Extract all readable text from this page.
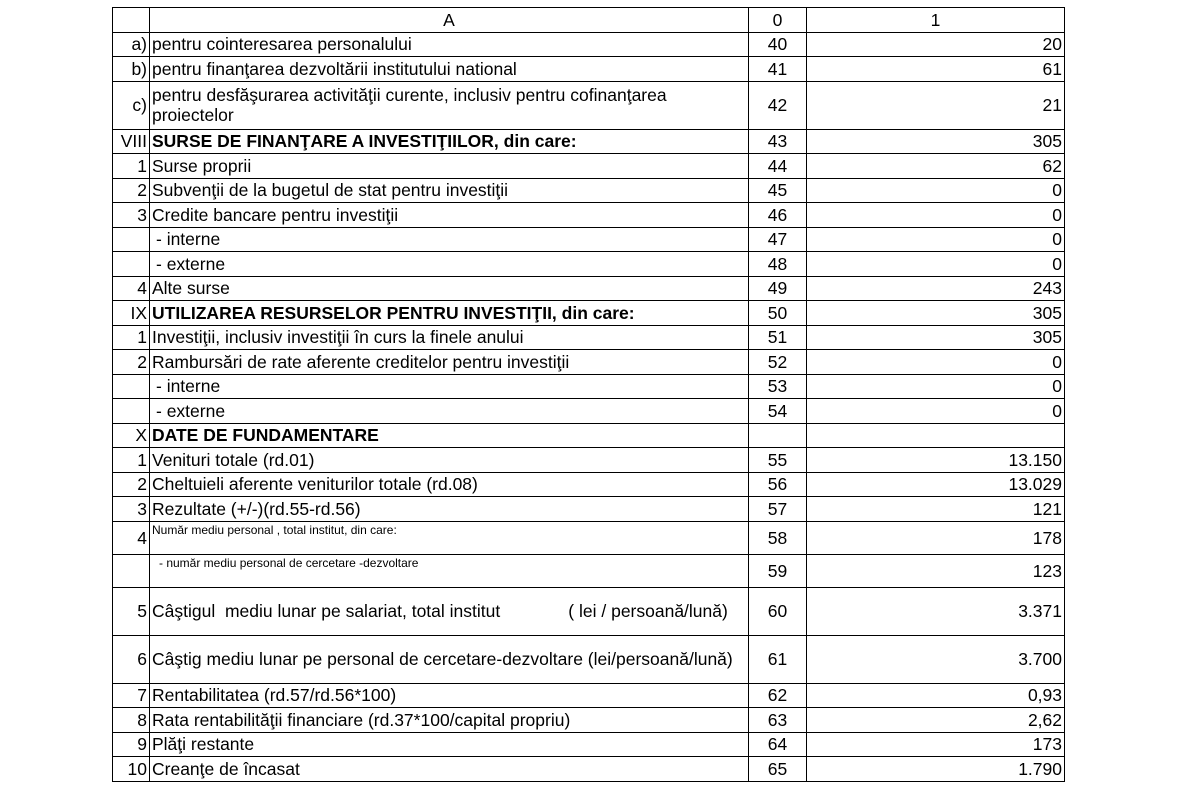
	A	0	1
a)	pentru cointeresarea personalului	40	20
b)	pentru finanţarea dezvoltării institutului national	41	61
c)	pentru desfăşurarea activităţii curente, inclusiv pentru cofinanţarea proiectelor	42	21
VIII	SURSE DE FINANŢARE A INVESTIŢIILOR, din care:	43	305
1	Surse proprii	44	62
2	Subvenţii de la bugetul de stat pentru investiţii	45	0
3	Credite bancare pentru investiţii	46	0
	- interne	47	0
	- externe	48	0
4	Alte surse	49	243
IX	UTILIZAREA RESURSELOR PENTRU INVESTIŢII, din care:	50	305
1	Investiţii, inclusiv investiţii în curs la finele anului	51	305
2	Rambursări de rate aferente creditelor pentru investiţii	52	0
	- interne	53	0
	- externe	54	0
X	DATE DE FUNDAMENTARE		
1	Venituri totale (rd.01)	55	13.150
2	Cheltuieli aferente veniturilor totale (rd.08)	56	13.029
3	Rezultate (+/-)(rd.55-rd.56)	57	121
4	Număr mediu personal , total institut, din care:	58	178
	- număr mediu personal de cercetare -dezvoltare	59	123
5	Câştigul  mediu lunar pe salariat, total institut              ( lei / persoană/lună)	60	3.371
6	Câştig mediu lunar pe personal de cercetare-dezvoltare (lei/persoană/lună)	61	3.700
7	Rentabilitatea (rd.57/rd.56*100)	62	0,93
8	Rata rentabilităţii financiare (rd.37*100/capital propriu)	63	2,62
9	Plăţi restante	64	173
10	Creanţe de încasat	65	1.790
